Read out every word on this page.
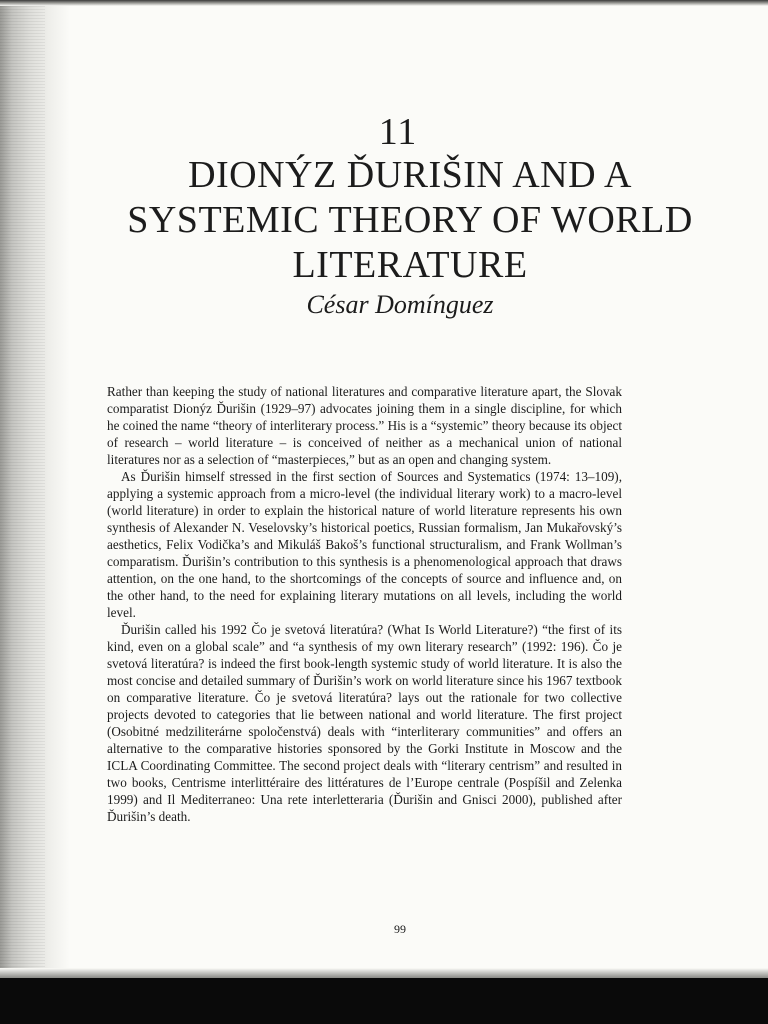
11
DIONÝZ ĎURIŠIN AND A SYSTEMIC THEORY OF WORLD LITERATURE
César Domínguez

Rather than keeping the study of national literatures and comparative literature apart, the Slovak comparatist Dionýz Ďurišin (1929–97) advocates joining them in a single discipline, for which he coined the name “theory of interliterary process.” His is a “systemic” theory because its object of research – world literature – is conceived of neither as a mechanical union of national literatures nor as a selection of “masterpieces,” but as an open and changing system.

As Ďurišin himself stressed in the first section of Sources and Systematics (1974: 13–109), applying a systemic approach from a micro-level (the individual literary work) to a macro-level (world literature) in order to explain the historical nature of world literature represents his own synthesis of Alexander N. Veselovsky’s historical poetics, Russian formalism, Jan Mukařovský’s aesthetics, Felix Vodička’s and Mikuláš Bakoš’s functional structuralism, and Frank Wollman’s comparatism. Ďurišin’s contribution to this synthesis is a phenomenological approach that draws attention, on the one hand, to the shortcomings of the concepts of source and influence and, on the other hand, to the need for explaining literary mutations on all levels, including the world level.

Ďurišin called his 1992 Čo je svetová literatúra? (What Is World Literature?) “the first of its kind, even on a global scale” and “a synthesis of my own literary research” (1992: 196). Čo je svetová literatúra? is indeed the first book-length systemic study of world literature. It is also the most concise and detailed summary of Ďurišin’s work on world literature since his 1967 textbook on comparative literature. Čo je svetová literatúra? lays out the rationale for two collective projects devoted to categories that lie between national and world literature. The first project (Osobitné medziliterárne spoločenstvá) deals with “interliterary communities” and offers an alternative to the comparative histories sponsored by the Gorki Institute in Moscow and the ICLA Coordinating Committee. The second project deals with “literary centrism” and resulted in two books, Centrisme interlittéraire des littératures de l’Europe centrale (Pospíšil and Zelenka 1999) and Il Mediterraneo: Una rete interletteraria (Ďurišin and Gnisci 2000), published after Ďurišin’s death.

99
